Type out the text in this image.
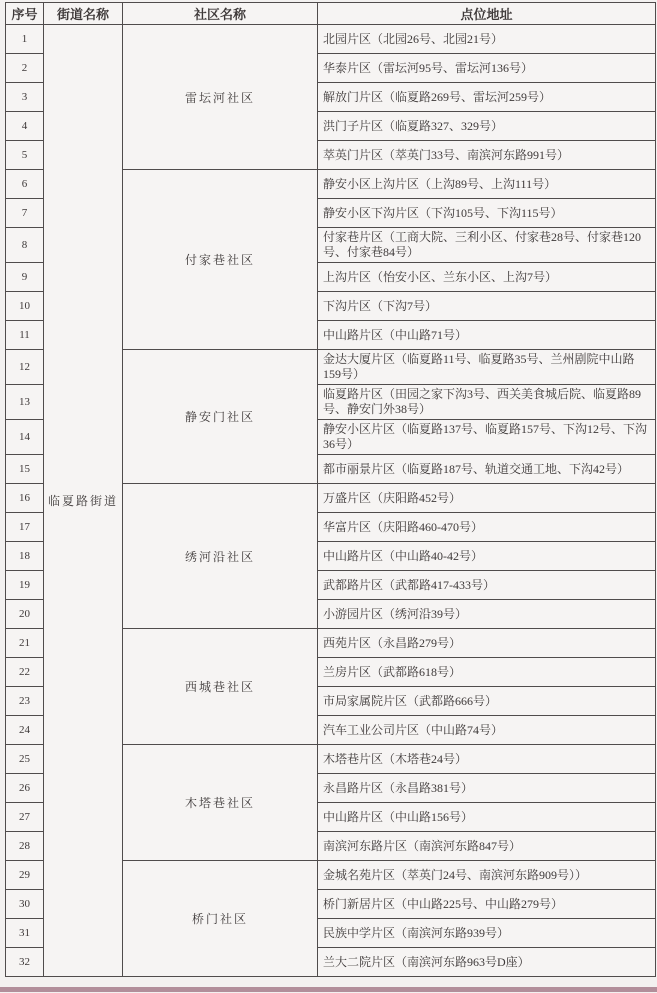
序号	街道名称	社区名称	点位地址
1	临夏路街道	雷坛河社区	北园片区（北园26号、北园21号）
2			华泰片区（雷坛河95号、雷坛河136号）
3			解放门片区（临夏路269号、雷坛河259号）
4			洪门子片区（临夏路327、329号）
5			萃英门片区（萃英门33号、南滨河东路991号）
6		付家巷社区	静安小区上沟片区（上沟89号、上沟111号）
7			静安小区下沟片区（下沟105号、下沟115号）
8			付家巷片区（工商大院、三利小区、付家巷28号、付家巷120号、付家巷84号）
9			上沟片区（怡安小区、兰东小区、上沟7号）
10			下沟片区（下沟7号）
11			中山路片区（中山路71号）
12		静安门社区	金达大厦片区（临夏路11号、临夏路35号、兰州剧院中山路159号）
13			临夏路片区（田园之家下沟3号、西关美食城后院、临夏路89号、静安门外38号）
14			静安小区片区（临夏路137号、临夏路157号、下沟12号、下沟36号）
15			都市丽景片区（临夏路187号、轨道交通工地、下沟42号）
16		绣河沿社区	万盛片区（庆阳路452号）
17			华富片区（庆阳路460-470号）
18			中山路片区（中山路40-42号）
19			武都路片区（武都路417-433号）
20			小游园片区（绣河沿39号）
21		西城巷社区	西苑片区（永昌路279号）
22			兰房片区（武都路618号）
23			市局家属院片区（武都路666号）
24			汽车工业公司片区（中山路74号）
25		木塔巷社区	木塔巷片区（木塔巷24号）
26			永昌路片区（永昌路381号）
27			中山路片区（中山路156号）
28			南滨河东路片区（南滨河东路847号）
29		桥门社区	金城名苑片区（萃英门24号、南滨河东路909号））
30			桥门新居片区（中山路225号、中山路279号）
31			民族中学片区（南滨河东路939号）
32			兰大二院片区（南滨河东路963号D座）
